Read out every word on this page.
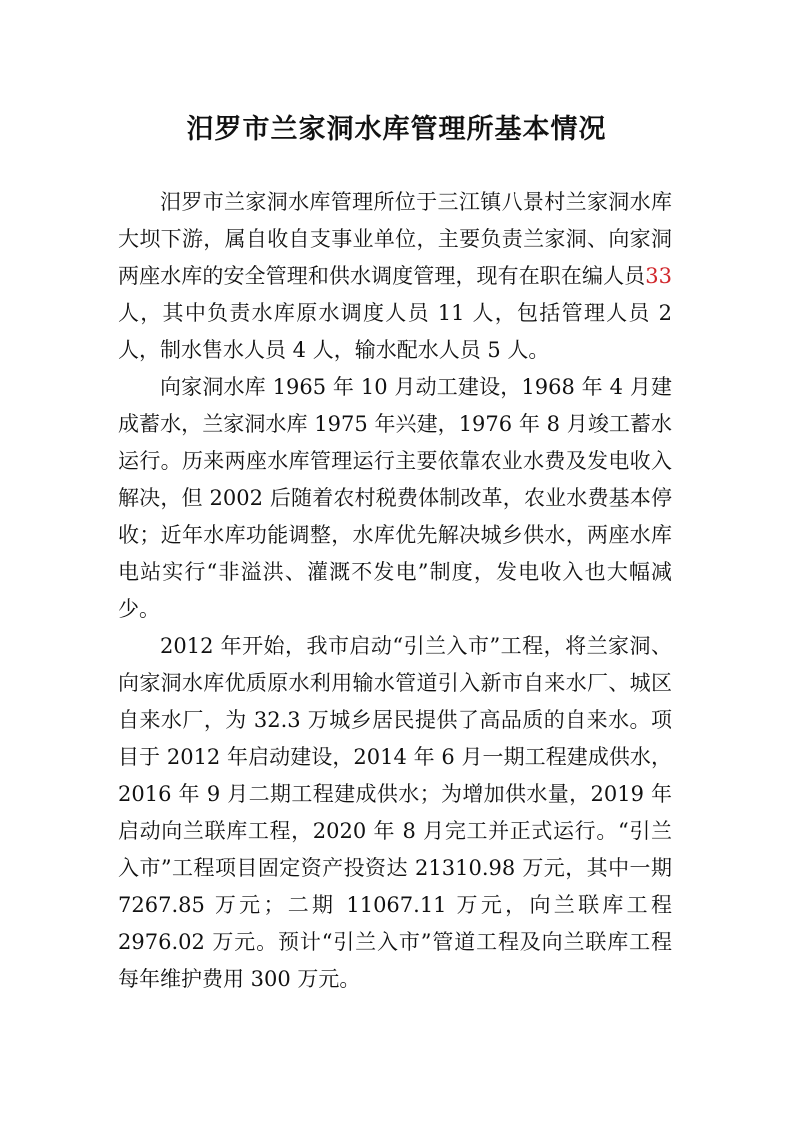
汨罗市兰家洞水库管理所基本情况

汨罗市兰家洞水库管理所位于三江镇八景村兰家洞水库大坝下游，属自收自支事业单位，主要负责兰家洞、向家洞两座水库的安全管理和供水调度管理，现有在职在编人员33人，其中负责水库原水调度人员 11 人，包括管理人员 2 人，制水售水人员 4 人，输水配水人员 5 人。

向家洞水库 1965 年 10 月动工建设，1968 年 4 月建成蓄水，兰家洞水库 1975 年兴建，1976 年 8 月竣工蓄水运行。历来两座水库管理运行主要依靠农业水费及发电收入解决，但 2002 后随着农村税费体制改革，农业水费基本停收；近年水库功能调整，水库优先解决城乡供水，两座水库电站实行“非溢洪、灌溉不发电”制度，发电收入也大幅减少。

2012 年开始，我市启动“引兰入市”工程，将兰家洞、向家洞水库优质原水利用输水管道引入新市自来水厂、城区自来水厂，为 32.3 万城乡居民提供了高品质的自来水。项目于 2012 年启动建设，2014 年 6 月一期工程建成供水，2016 年 9 月二期工程建成供水；为增加供水量，2019 年启动向兰联库工程，2020 年 8 月完工并正式运行。“引兰入市”工程项目固定资产投资达 21310.98 万元，其中一期 7267.85 万元；二期 11067.11 万元，向兰联库工程 2976.02 万元。预计“引兰入市”管道工程及向兰联库工程每年维护费用 300 万元。
